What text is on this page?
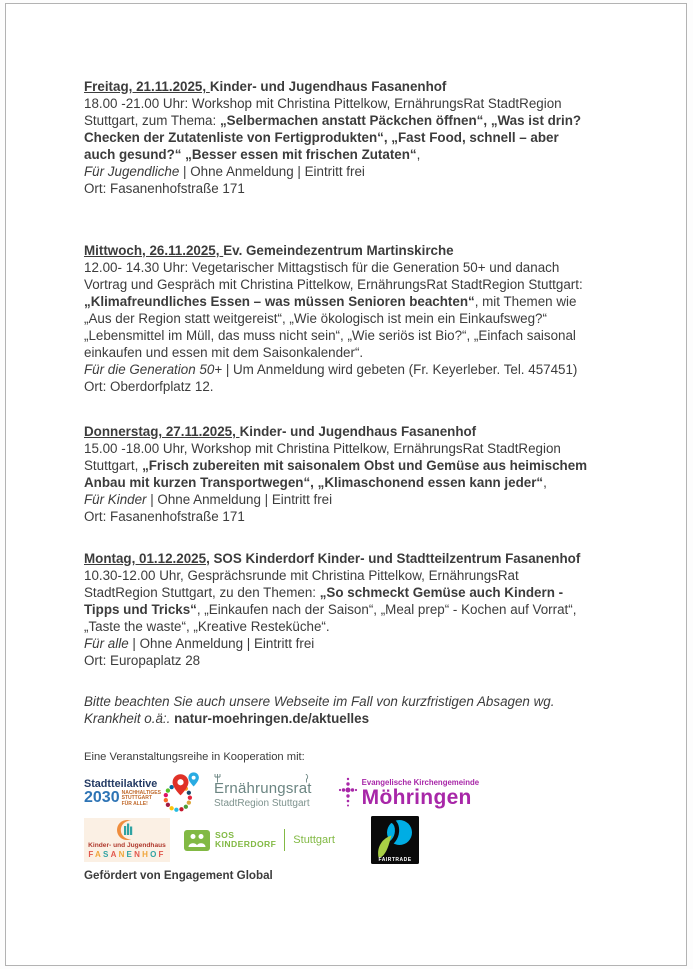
Freitag, 21.11.2025, Kinder- und Jugendhaus Fasanenhof
18.00 -21.00 Uhr: Workshop mit Christina Pittelkow, ErnährungsRat StadtRegion
Stuttgart, zum Thema: „Selbermachen anstatt Päckchen öffnen“, „Was ist drin?
Checken der Zutatenliste von Fertigprodukten“, „Fast Food, schnell – aber
auch gesund?“ „Besser essen mit frischen Zutaten“,
Für Jugendliche | Ohne Anmeldung | Eintritt frei
Ort: Fasanenhofstraße 171
Mittwoch, 26.11.2025, Ev. Gemeindezentrum Martinskirche
12.00- 14.30 Uhr: Vegetarischer Mittagstisch für die Generation 50+ und danach
Vortrag und Gespräch mit Christina Pittelkow, ErnährungsRat StadtRegion Stuttgart:
„Klimafreundliches Essen – was müssen Senioren beachten“, mit Themen wie
„Aus der Region statt weitgereist“, „Wie ökologisch ist mein ein Einkaufsweg?“
„Lebensmittel im Müll, das muss nicht sein“, „Wie seriös ist Bio?“, „Einfach saisonal
einkaufen und essen mit dem Saisonkalender“.
Für die Generation 50+ | Um Anmeldung wird gebeten (Fr. Keyerleber. Tel. 457451)
Ort: Oberdorfplatz 12.
Donnerstag, 27.11.2025, Kinder- und Jugendhaus Fasanenhof
15.00 -18.00 Uhr, Workshop mit Christina Pittelkow, ErnährungsRat StadtRegion
Stuttgart, „Frisch zubereiten mit saisonalem Obst und Gemüse aus heimischem
Anbau mit kurzen Transportwegen“, „Klimaschonend essen kann jeder“,
Für Kinder | Ohne Anmeldung | Eintritt frei
Ort: Fasanenhofstraße 171
Montag, 01.12.2025, SOS Kinderdorf Kinder- und Stadtteilzentrum Fasanenhof
10.30-12.00 Uhr, Gesprächsrunde mit Christina Pittelkow, ErnährungsRat
StadtRegion Stuttgart, zu den Themen: „So schmeckt Gemüse auch Kindern -
Tipps und Tricks“, „Einkaufen nach der Saison“, „Meal prep“ - Kochen auf Vorrat“,
„Taste the waste“, „Kreative Resteküche“.
Für alle | Ohne Anmeldung | Eintritt frei
Ort: Europaplatz 28
Bitte beachten Sie auch unsere Webseite im Fall von kurzfristigen Absagen wg.
Krankheit o.ä:. natur-moehringen.de/aktuelles
Eine Veranstaltungsreihe in Kooperation mit:
Stadtteilaktive
2030 NACHHALTIGES
STUTTGART
FÜR ALLE!
Ernährungsrat
StadtRegion Stuttgart
Evangelische Kirchengemeinde
Möhringen
Kinder- und Jugendhaus
FASANENHOF
SOS
KINDERDORF Stuttgart
FAIRTRADE
Gefördert von Engagement Global
